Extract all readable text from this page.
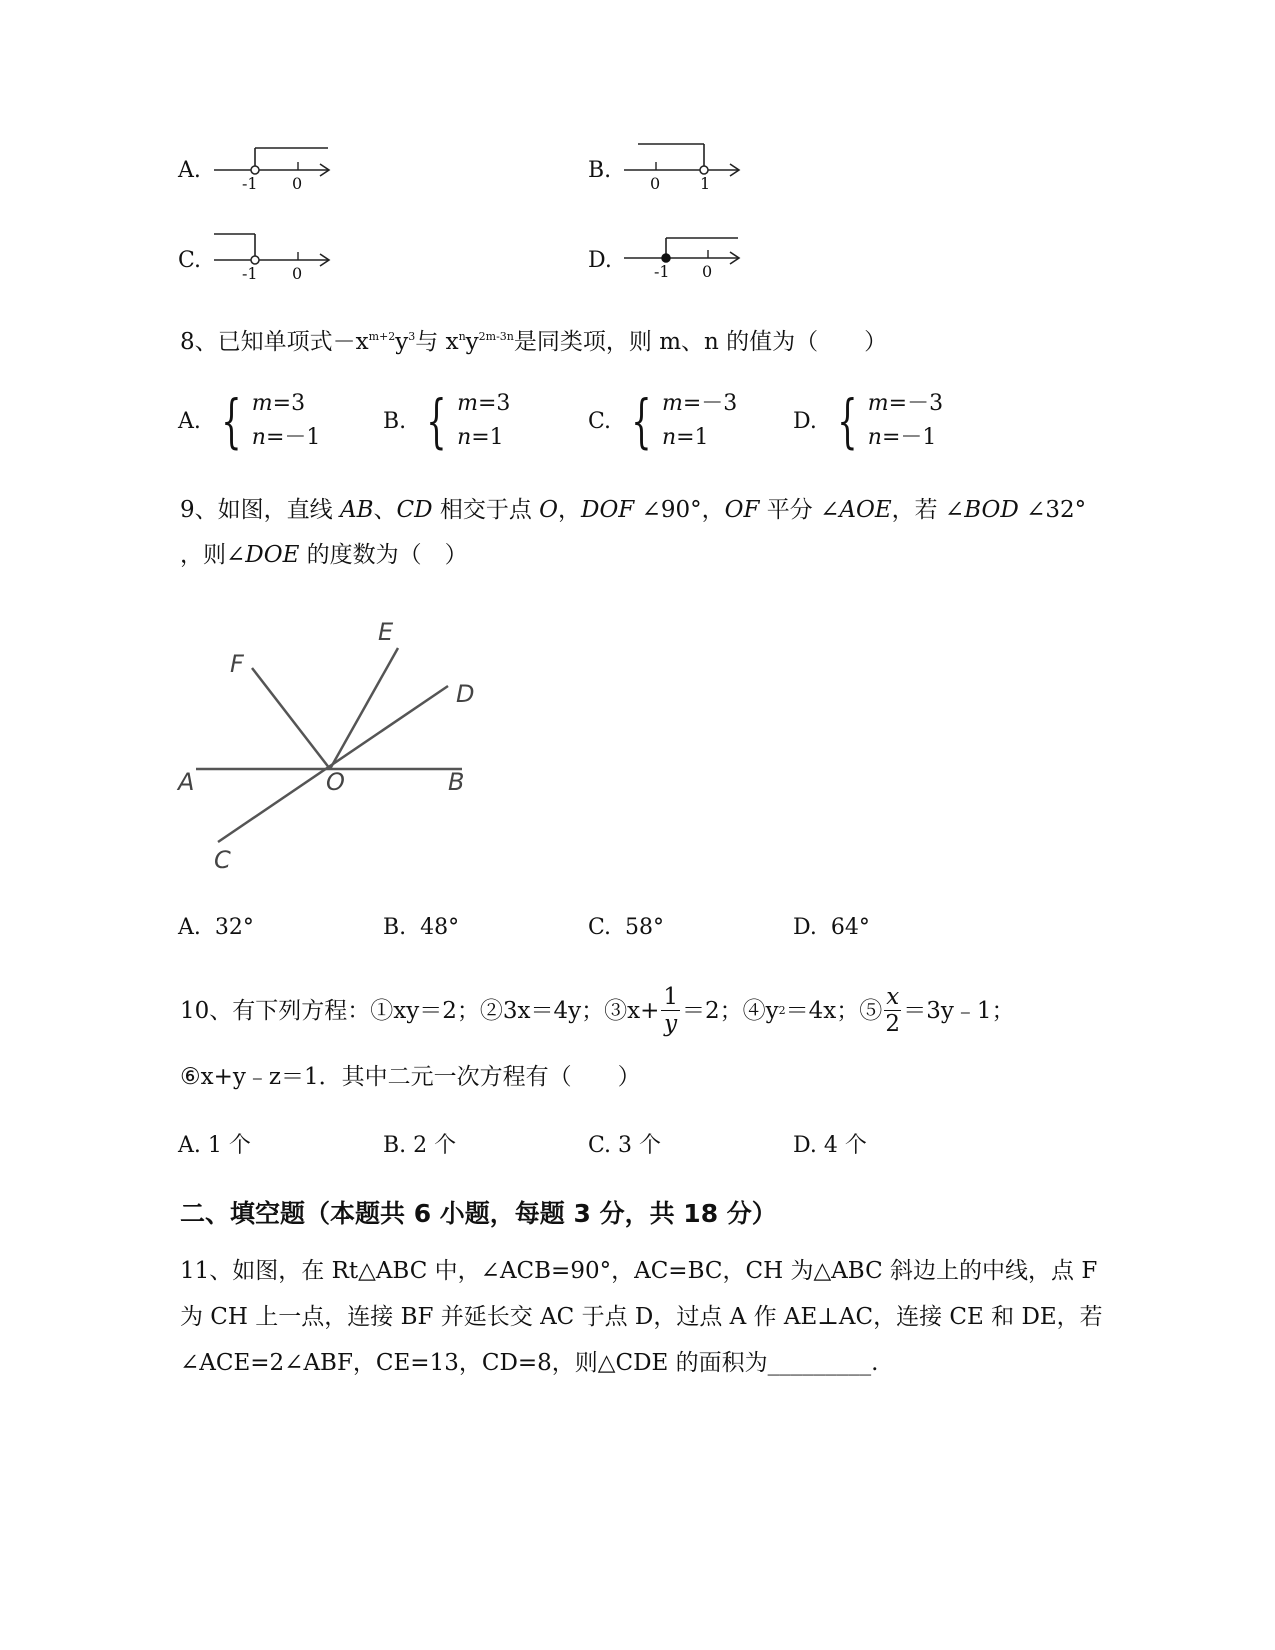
A.
-1 0
B.
0 1
C.
-1 0
D.	-1 0
8、已知单项式$-x^{m+2}y^3$与 $x^ny^{2m-3n}$是同类项，则 m、n 的值为（　　）
A. { m=3
n=－1
B. { m=3
n=1
C. { m=－3
n=1
D. { m=－3
n=－1
9、如图，直线 AB、CD 相交于点 O，DOF ∠90°，OF 平分 ∠AOE，若 ∠BOD ∠32°
，则∠DOE 的度数为（　）
A	B
C
D
E
F
O
A. 32°	B. 48°	C. 58°	D. 64°
10、有下列方程：①xy＝2；②3x＝4y；③x+ $\frac{1}{y} =2$；④y 2 ＝4x；⑤ $\frac{x}{2}$ ＝3y﹣1；
⑥x+y﹣z＝1．其中二元一次方程有（　　）
A. 1 个	B. 2 个	C. 3 个	D. 4 个
二、填空题（本题共 6 小题，每题 3 分，共 18 分）
11、如图，在 Rt△ABC 中，∠ACB=90°，AC=BC，CH 为△ABC 斜边上的中线，点 F
为 CH 上一点，连接 BF 并延长交 AC 于点 D，过点 A 作 AE⊥AC，连接 CE 和 DE，若
∠ACE=2∠ABF，CE=13，CD=8，则△CDE 的面积为_________.
